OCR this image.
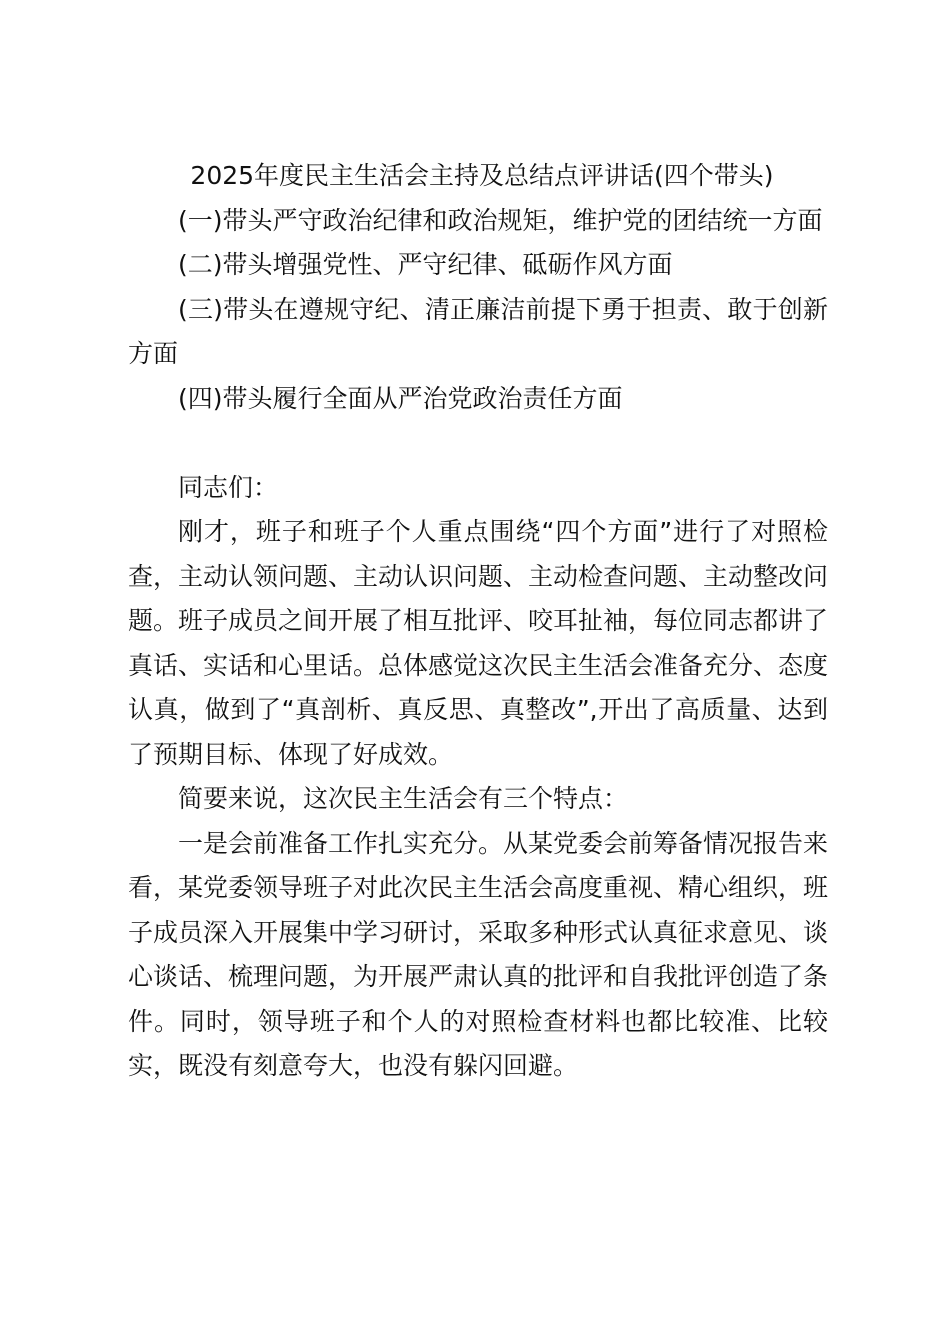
2025年度民主生活会主持及总结点评讲话(四个带头)

(一)带头严守政治纪律和政治规矩，维护党的团结统一方面

(二)带头增强党性、严守纪律、砥砺作风方面

(三)带头在遵规守纪、清正廉洁前提下勇于担责、敢于创新方面

(四)带头履行全面从严治党政治责任方面

同志们：

刚才，班子和班子个人重点围绕“四个方面”进行了对照检查，主动认领问题、主动认识问题、主动检查问题、主动整改问题。班子成员之间开展了相互批评、咬耳扯袖，每位同志都讲了真话、实话和心里话。总体感觉这次民主生活会准备充分、态度认真，做到了“真剖析、真反思、真整改”,开出了高质量、达到了预期目标、体现了好成效。

简要来说，这次民主生活会有三个特点：

一是会前准备工作扎实充分。从某党委会前筹备情况报告来看，某党委领导班子对此次民主生活会高度重视、精心组织，班子成员深入开展集中学习研讨，采取多种形式认真征求意见、谈心谈话、梳理问题，为开展严肃认真的批评和自我批评创造了条件。同时，领导班子和个人的对照检查材料也都比较准、比较实，既没有刻意夸大，也没有躲闪回避。
